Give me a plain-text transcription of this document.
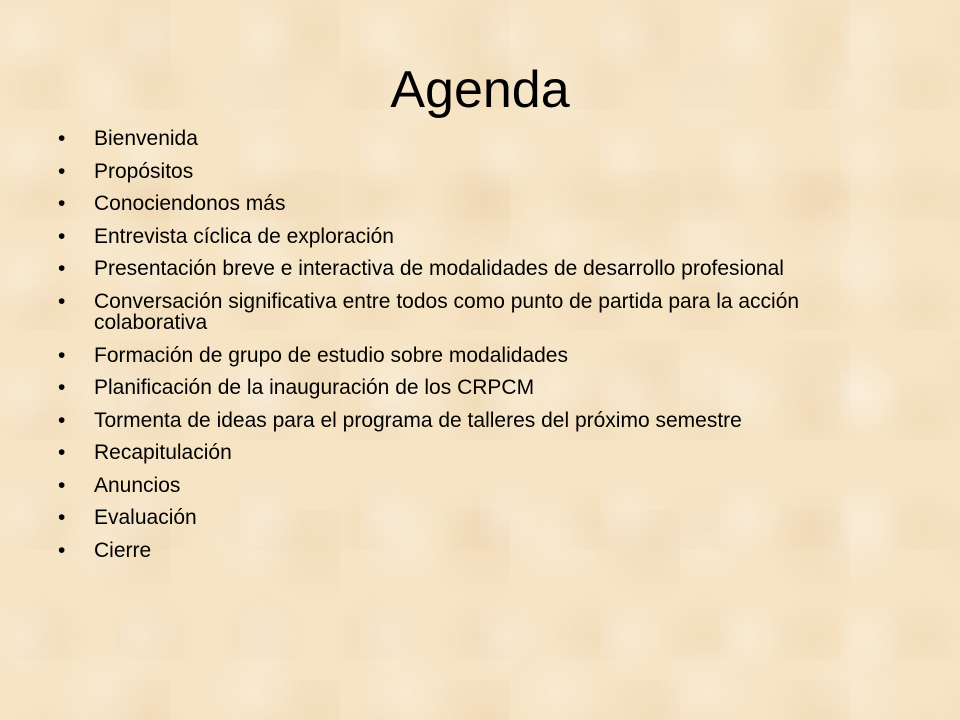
Agenda
• Bienvenida
• Propósitos
• Conociendonos más
• Entrevista cíclica de exploración
• Presentación breve e interactiva de modalidades de desarrollo profesional
• Conversación significativa entre todos como punto de partida para la acción colaborativa
• Formación de grupo de estudio sobre modalidades
• Planificación de la inauguración de los CRPCM
• Tormenta de ideas para el programa de talleres del próximo semestre
• Recapitulación
• Anuncios
• Evaluación
• Cierre
